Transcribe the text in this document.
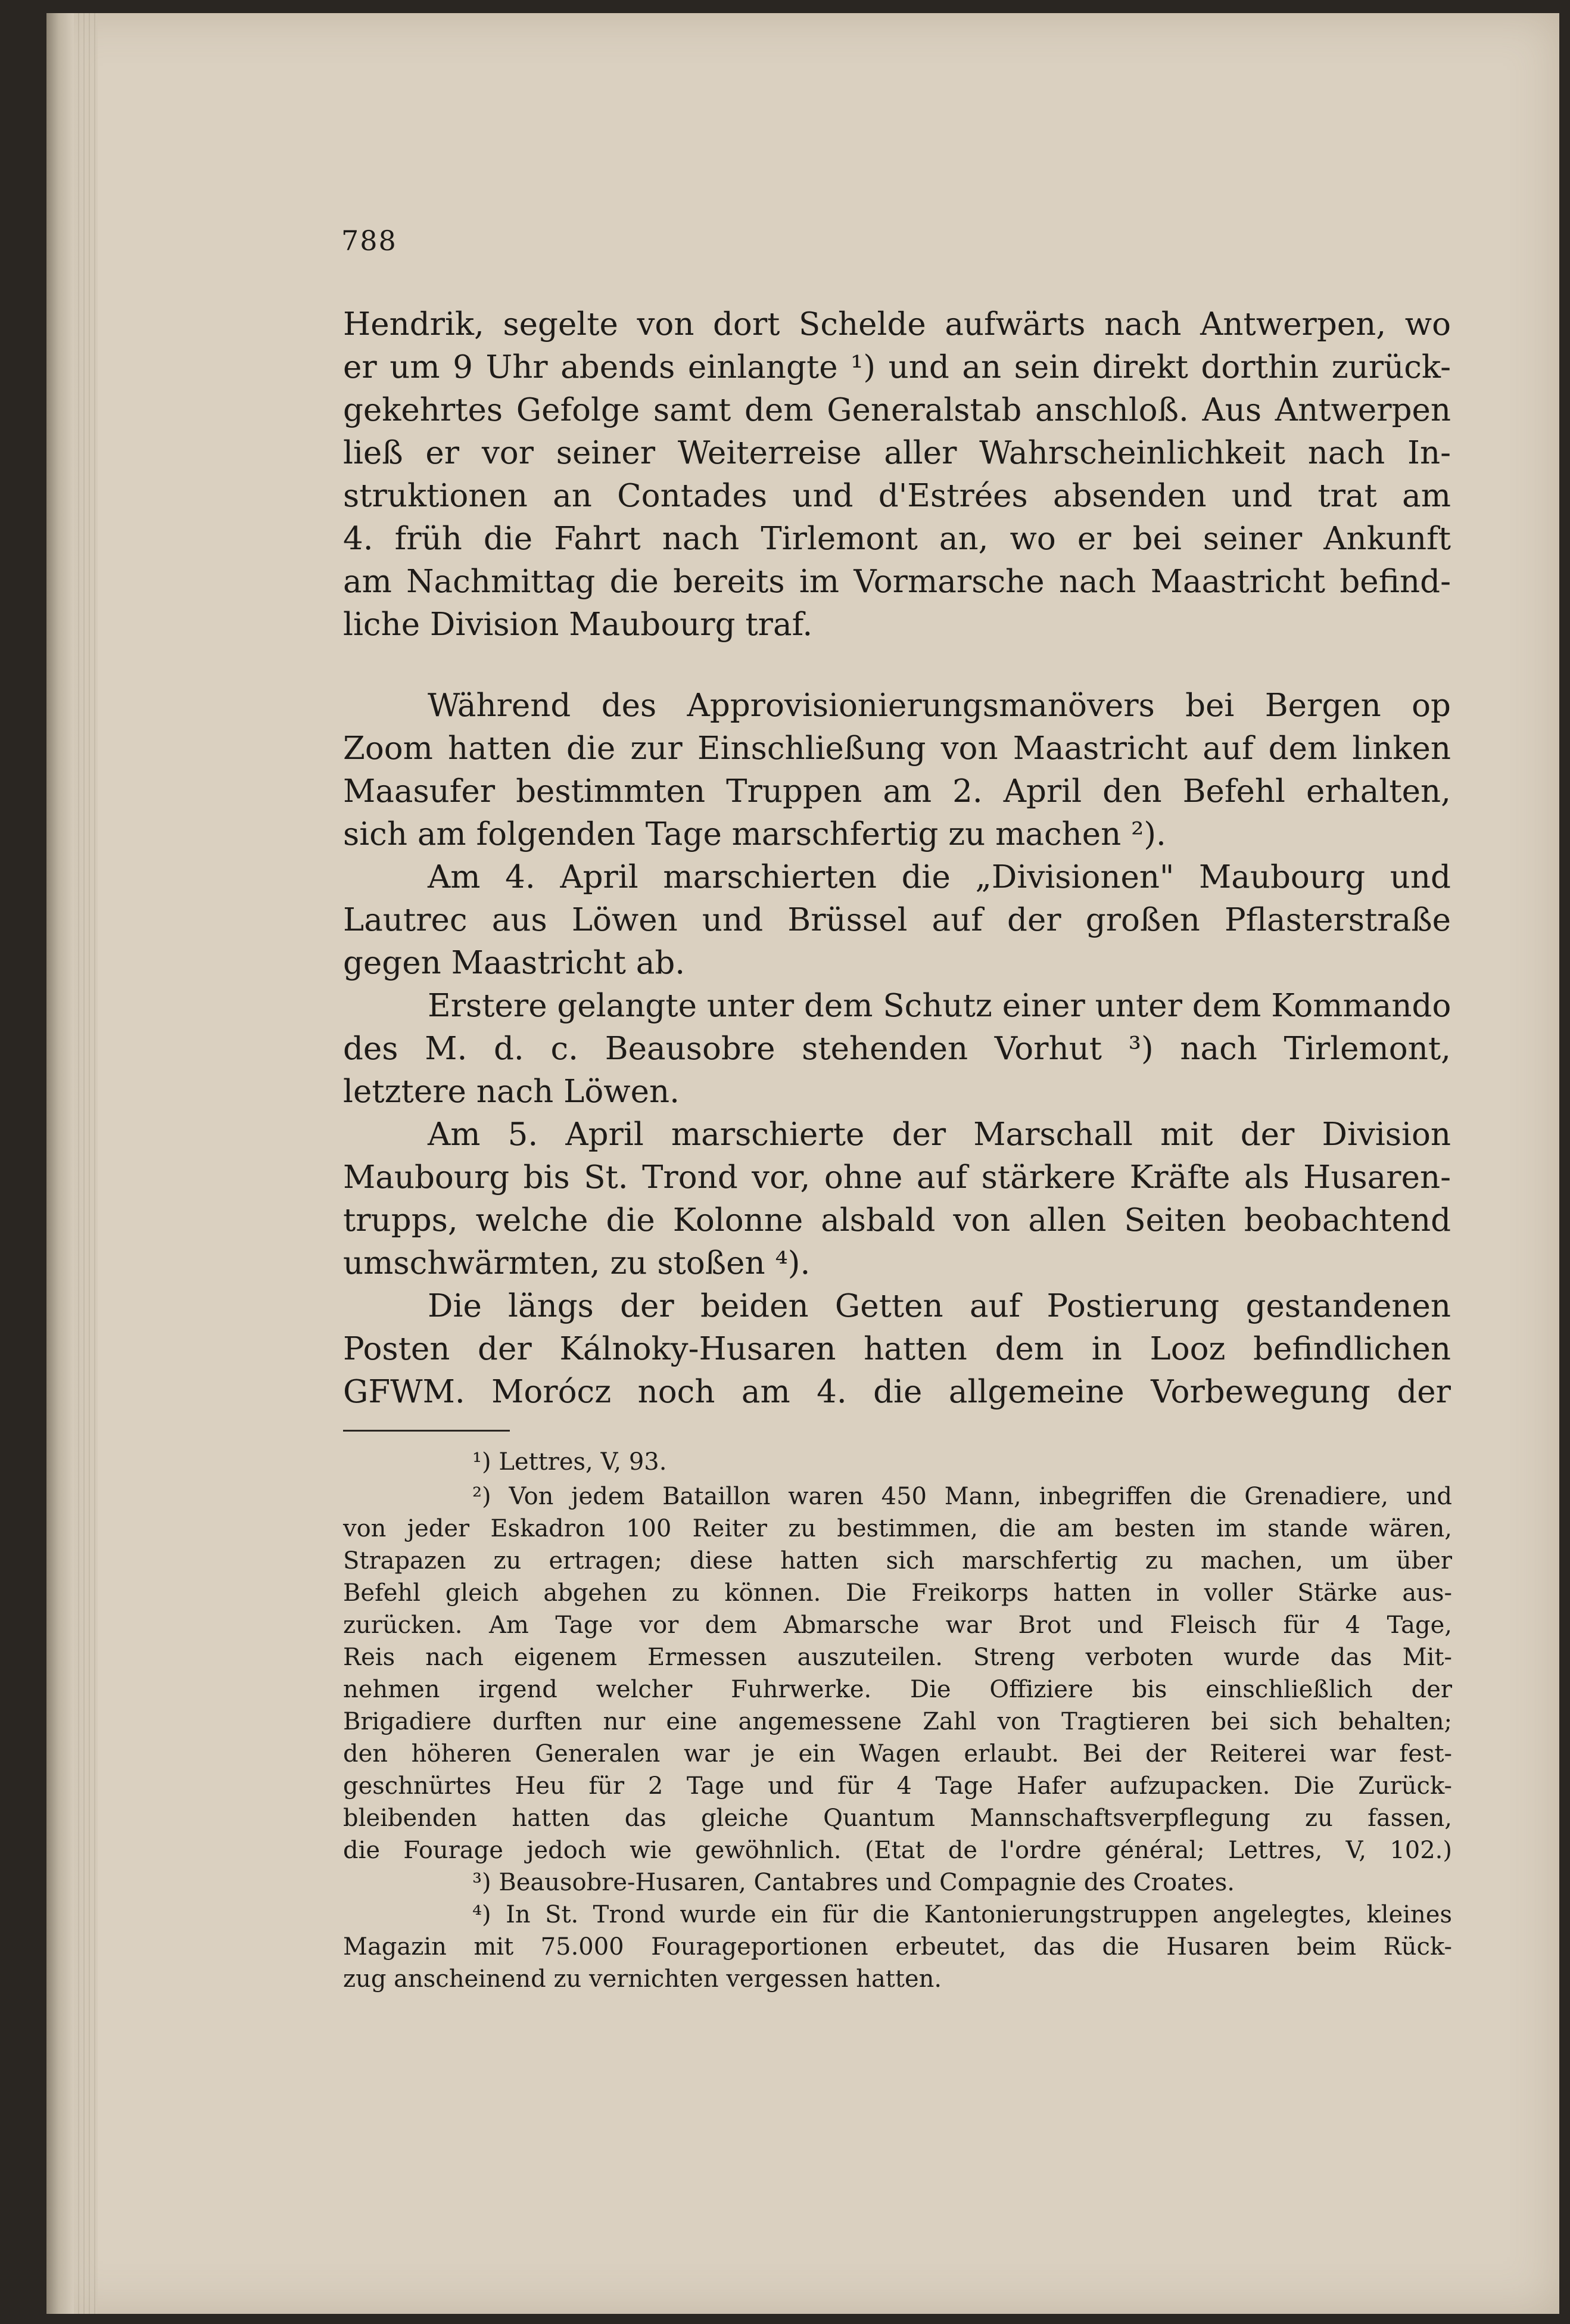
788
Hendrik, segelte von dort Schelde aufwärts nach Antwerpen, wo
er um 9 Uhr abends einlangte ¹) und an sein direkt dorthin zurück-
gekehrtes Gefolge samt dem Generalstab anschloß. Aus Antwerpen
ließ er vor seiner Weiterreise aller Wahrscheinlichkeit nach In-
struktionen an Contades und d'Estrées absenden und trat am
4. früh die Fahrt nach Tirlemont an, wo er bei seiner Ankunft
am Nachmittag die bereits im Vormarsche nach Maastricht befind-
liche Division Maubourg traf.
Während des Approvisionierungsmanövers bei Bergen op
Zoom hatten die zur Einschließung von Maastricht auf dem linken
Maasufer bestimmten Truppen am 2. April den Befehl erhalten,
sich am folgenden Tage marschfertig zu machen ²).
Am 4. April marschierten die „Divisionen" Maubourg und
Lautrec aus Löwen und Brüssel auf der großen Pflasterstraße
gegen Maastricht ab.
Erstere gelangte unter dem Schutz einer unter dem Kommando
des M. d. c. Beausobre stehenden Vorhut ³) nach Tirlemont,
letztere nach Löwen.
Am 5. April marschierte der Marschall mit der Division
Maubourg bis St. Trond vor, ohne auf stärkere Kräfte als Husaren-
trupps, welche die Kolonne alsbald von allen Seiten beobachtend
umschwärmten, zu stoßen ⁴).
Die längs der beiden Getten auf Postierung gestandenen
Posten der Kálnoky-Husaren hatten dem in Looz befindlichen
GFWM. Morócz noch am 4. die allgemeine Vorbewegung der
¹) Lettres, V, 93.
²) Von jedem Bataillon waren 450 Mann, inbegriffen die Grenadiere, und
von jeder Eskadron 100 Reiter zu bestimmen, die am besten im stande wären,
Strapazen zu ertragen; diese hatten sich marschfertig zu machen, um über
Befehl gleich abgehen zu können. Die Freikorps hatten in voller Stärke aus-
zurücken. Am Tage vor dem Abmarsche war Brot und Fleisch für 4 Tage,
Reis nach eigenem Ermessen auszuteilen. Streng verboten wurde das Mit-
nehmen irgend welcher Fuhrwerke. Die Offiziere bis einschließlich der
Brigadiere durften nur eine angemessene Zahl von Tragtieren bei sich behalten;
den höheren Generalen war je ein Wagen erlaubt. Bei der Reiterei war fest-
geschnürtes Heu für 2 Tage und für 4 Tage Hafer aufzupacken. Die Zurück-
bleibenden hatten das gleiche Quantum Mannschaftsverpflegung zu fassen,
die Fourage jedoch wie gewöhnlich. (Etat de l'ordre général; Lettres, V, 102.)
³) Beausobre-Husaren, Cantabres und Compagnie des Croates.
⁴) In St. Trond wurde ein für die Kantonierungstruppen angelegtes, kleines
Magazin mit 75.000 Fourageportionen erbeutet, das die Husaren beim Rück-
zug anscheinend zu vernichten vergessen hatten.
